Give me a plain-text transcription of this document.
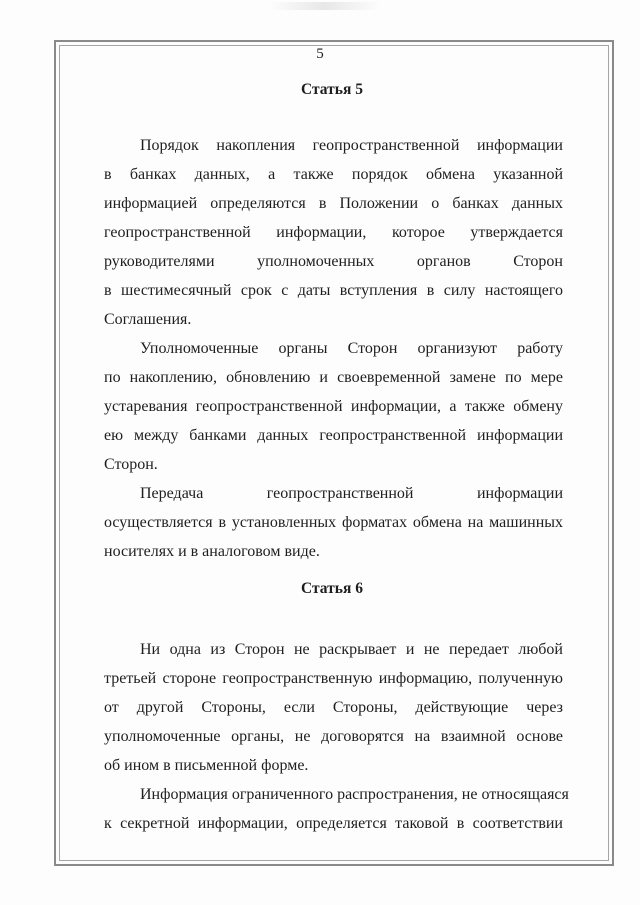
5
Статья 5
Порядок накопления геопространственной информации
в банках данных, а также порядок обмена указанной
информацией определяются в Положении о банках данных
геопространственной информации, которое утверждается
руководителями уполномоченных органов Сторон
в шестимесячный срок с даты вступления в силу настоящего
Соглашения.
Уполномоченные органы Сторон организуют работу
по накоплению, обновлению и своевременной замене по мере
устаревания геопространственной информации, а также обмену
ею между банками данных геопространственной информации
Сторон.
Передача геопространственной информации
осуществляется в установленных форматах обмена на машинных
носителях и в аналоговом виде.
Статья 6
Ни одна из Сторон не раскрывает и не передает любой
третьей стороне геопространственную информацию, полученную
от другой Стороны, если Стороны, действующие через
уполномоченные органы, не договорятся на взаимной основе
об ином в письменной форме.
Информация ограниченного распространения, не относящаяся
к секретной информации, определяется таковой в соответствии
